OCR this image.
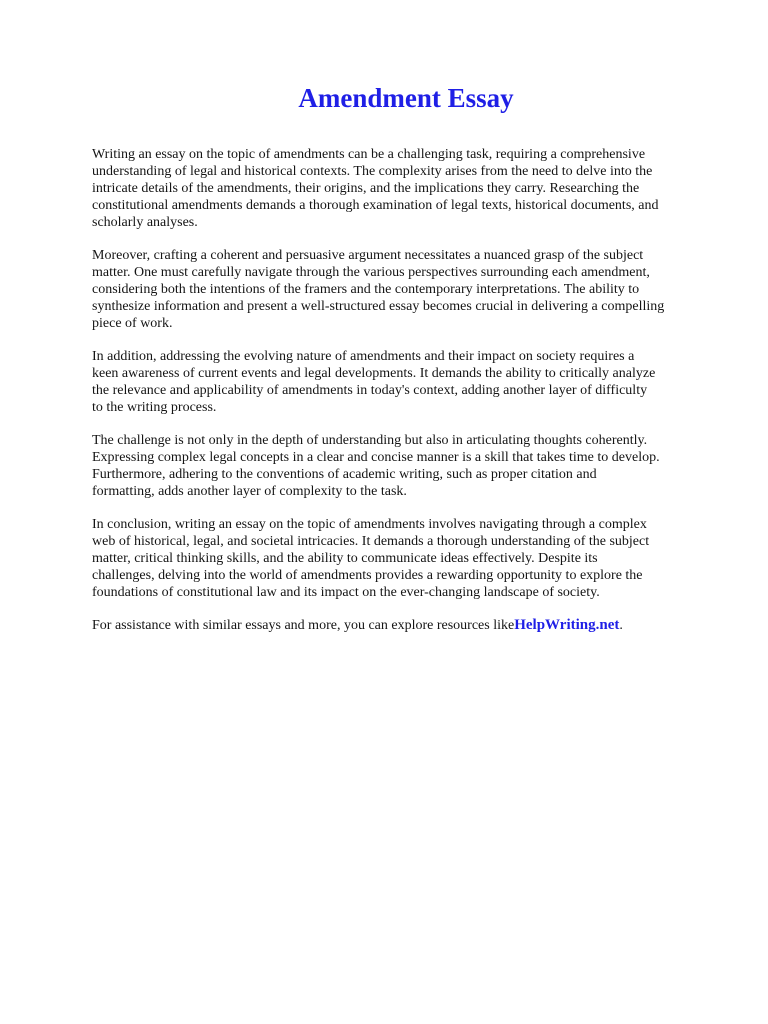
Amendment Essay

Writing an essay on the topic of amendments can be a challenging task, requiring a comprehensive
understanding of legal and historical contexts. The complexity arises from the need to delve into the
intricate details of the amendments, their origins, and the implications they carry. Researching the
constitutional amendments demands a thorough examination of legal texts, historical documents, and
scholarly analyses.

Moreover, crafting a coherent and persuasive argument necessitates a nuanced grasp of the subject
matter. One must carefully navigate through the various perspectives surrounding each amendment,
considering both the intentions of the framers and the contemporary interpretations. The ability to
synthesize information and present a well-structured essay becomes crucial in delivering a compelling
piece of work.

In addition, addressing the evolving nature of amendments and their impact on society requires a
keen awareness of current events and legal developments. It demands the ability to critically analyze
the relevance and applicability of amendments in today's context, adding another layer of difficulty
to the writing process.

The challenge is not only in the depth of understanding but also in articulating thoughts coherently.
Expressing complex legal concepts in a clear and concise manner is a skill that takes time to develop.
Furthermore, adhering to the conventions of academic writing, such as proper citation and
formatting, adds another layer of complexity to the task.

In conclusion, writing an essay on the topic of amendments involves navigating through a complex
web of historical, legal, and societal intricacies. It demands a thorough understanding of the subject
matter, critical thinking skills, and the ability to communicate ideas effectively. Despite its
challenges, delving into the world of amendments provides a rewarding opportunity to explore the
foundations of constitutional law and its impact on the ever-changing landscape of society.

For assistance with similar essays and more, you can explore resources likeHelpWriting.net.
